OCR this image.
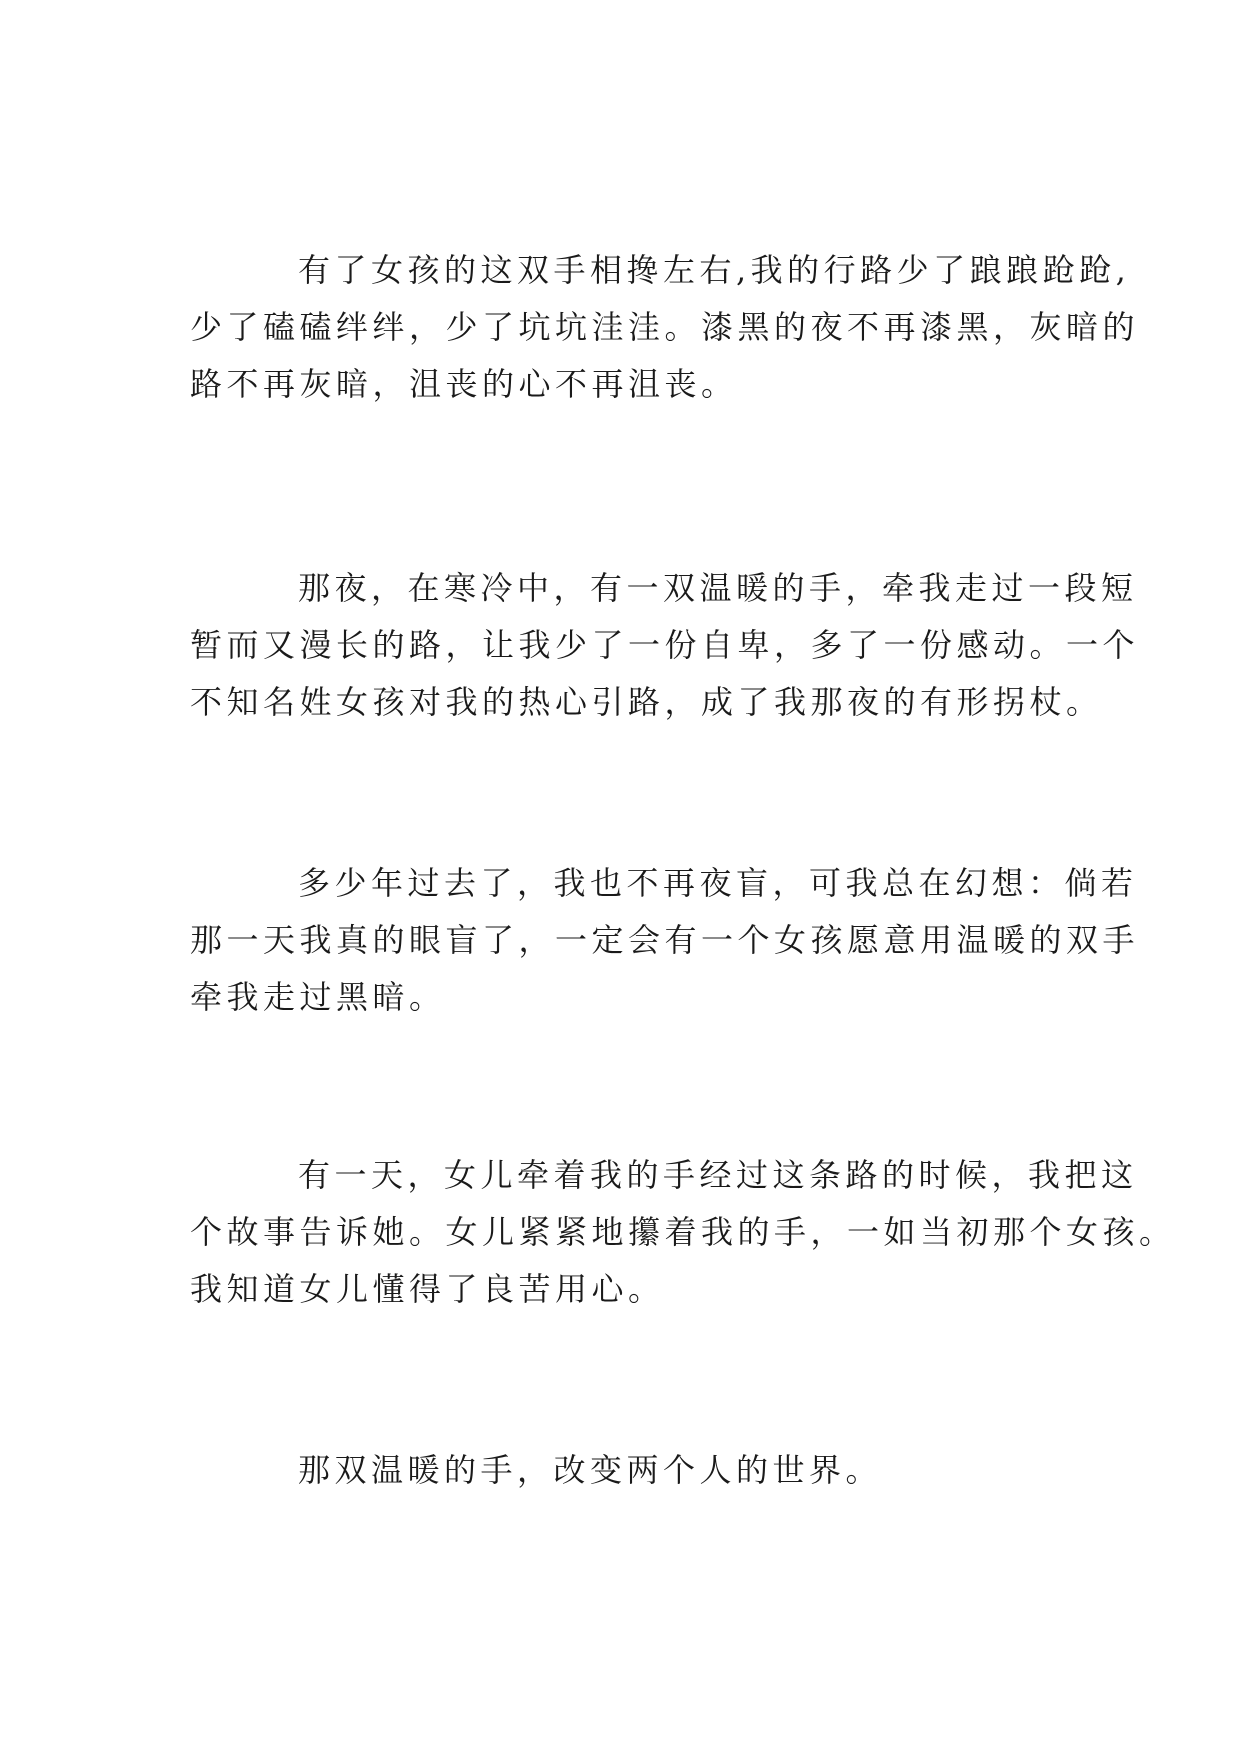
有了女孩的这双手相搀左右,我的行路少了踉踉跄跄,
少了磕磕绊绊，少了坑坑洼洼。漆黑的夜不再漆黑，灰暗的
路不再灰暗，沮丧的心不再沮丧。
那夜，在寒冷中，有一双温暖的手，牵我走过一段短
暂而又漫长的路，让我少了一份自卑，多了一份感动。一个
不知名姓女孩对我的热心引路，成了我那夜的有形拐杖。
多少年过去了，我也不再夜盲，可我总在幻想：倘若
那一天我真的眼盲了，一定会有一个女孩愿意用温暖的双手
牵我走过黑暗。
有一天，女儿牵着我的手经过这条路的时候，我把这
个故事告诉她。女儿紧紧地攥着我的手，一如当初那个女孩。
我知道女儿懂得了良苦用心。
那双温暖的手，改变两个人的世界。
